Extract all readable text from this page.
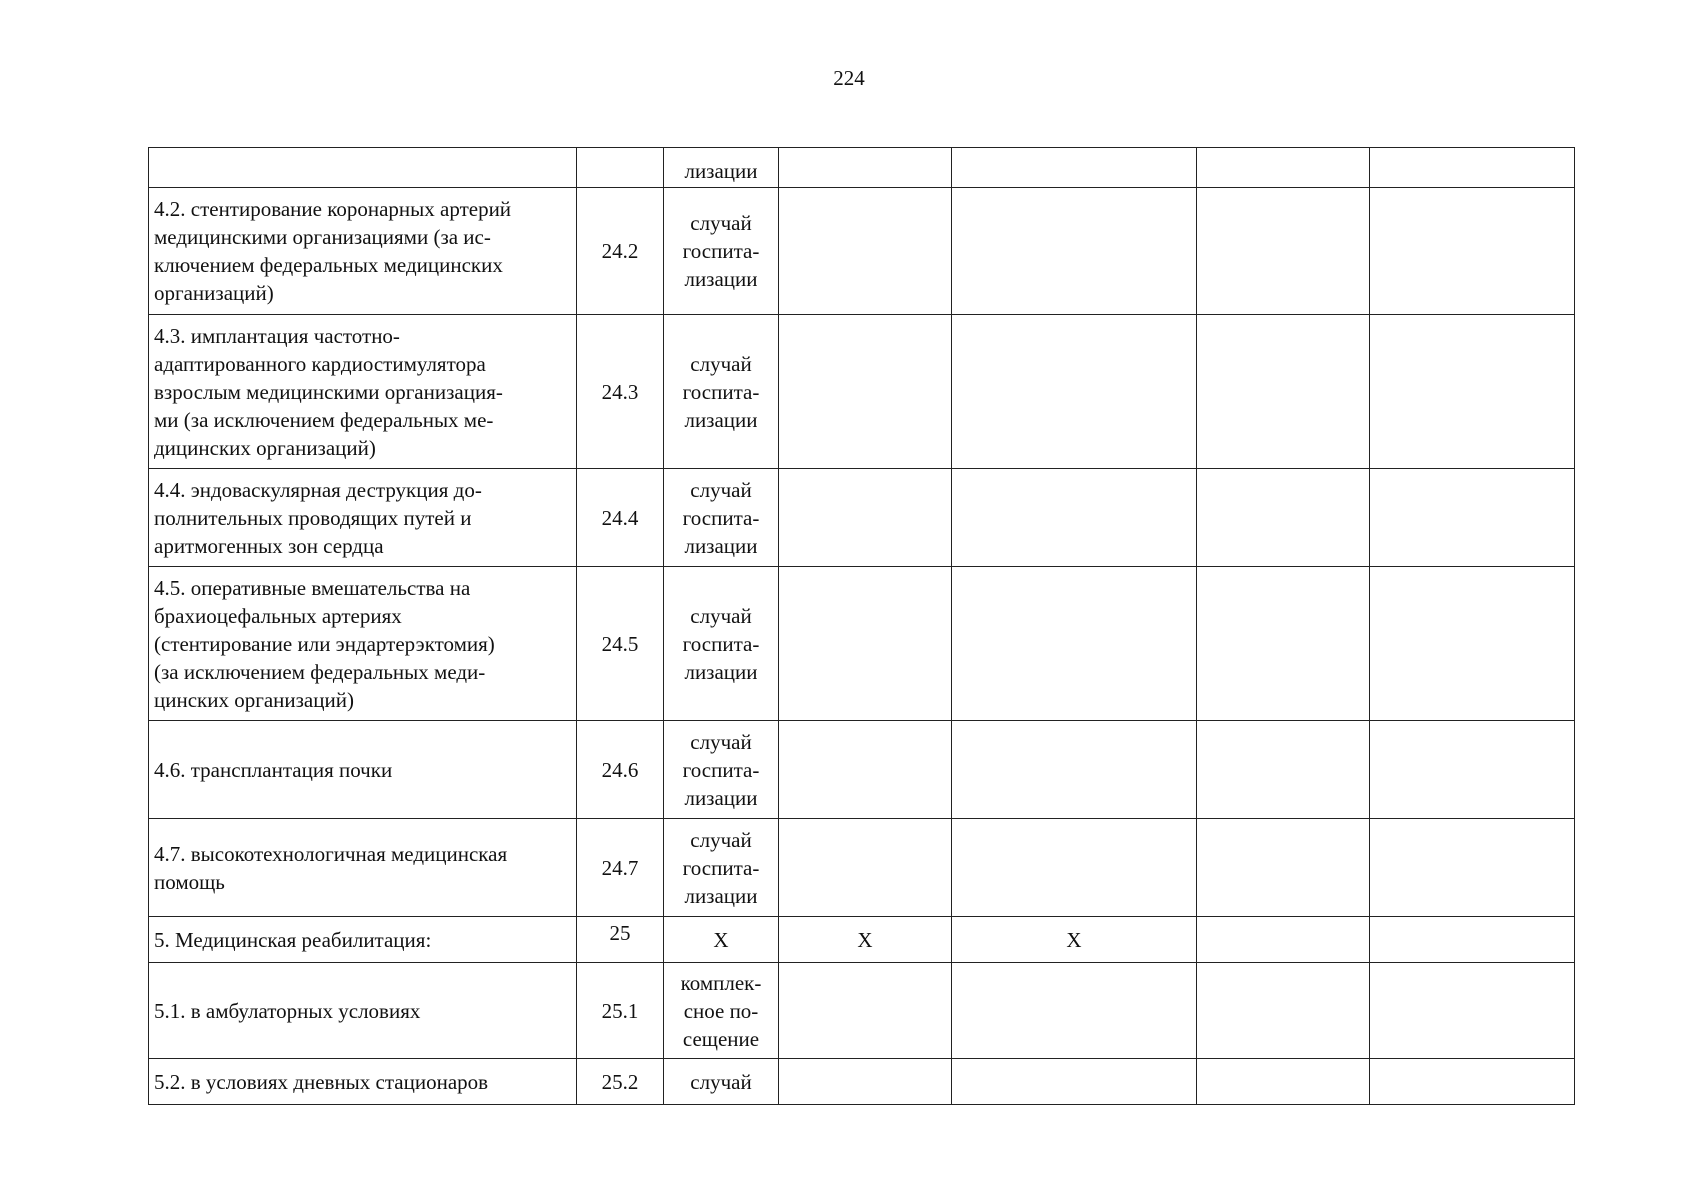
224

		лизации				

4.2. стентирование коронарных артерий
медицинскими организациями (за ис-
ключением федеральных медицинских
организаций)	24.2	случай
госпита-
лизации				

4.3. имплантация частотно-
адаптированного кардиостимулятора
взрослым медицинскими организация-
ми (за исключением федеральных ме-
дицинских организаций)	24.3	случай
госпита-
лизации				

4.4. эндоваскулярная деструкция до-
полнительных проводящих путей и
аритмогенных зон сердца	24.4	случай
госпита-
лизации				

4.5. оперативные вмешательства на
брахиоцефальных артериях
(стентирование или эндартерэктомия)
(за исключением федеральных меди-
цинских организаций)	24.5	случай
госпита-
лизации				

4.6. трансплантация почки	24.6	случай
госпита-
лизации				

4.7. высокотехнологичная медицинская
помощь	24.7	случай
госпита-
лизации				

5. Медицинская реабилитация:	25	X	X	X		

5.1. в амбулаторных условиях	25.1	комплек-
сное по-
сещение				

5.2. в условиях дневных стационаров	25.2	случай				
